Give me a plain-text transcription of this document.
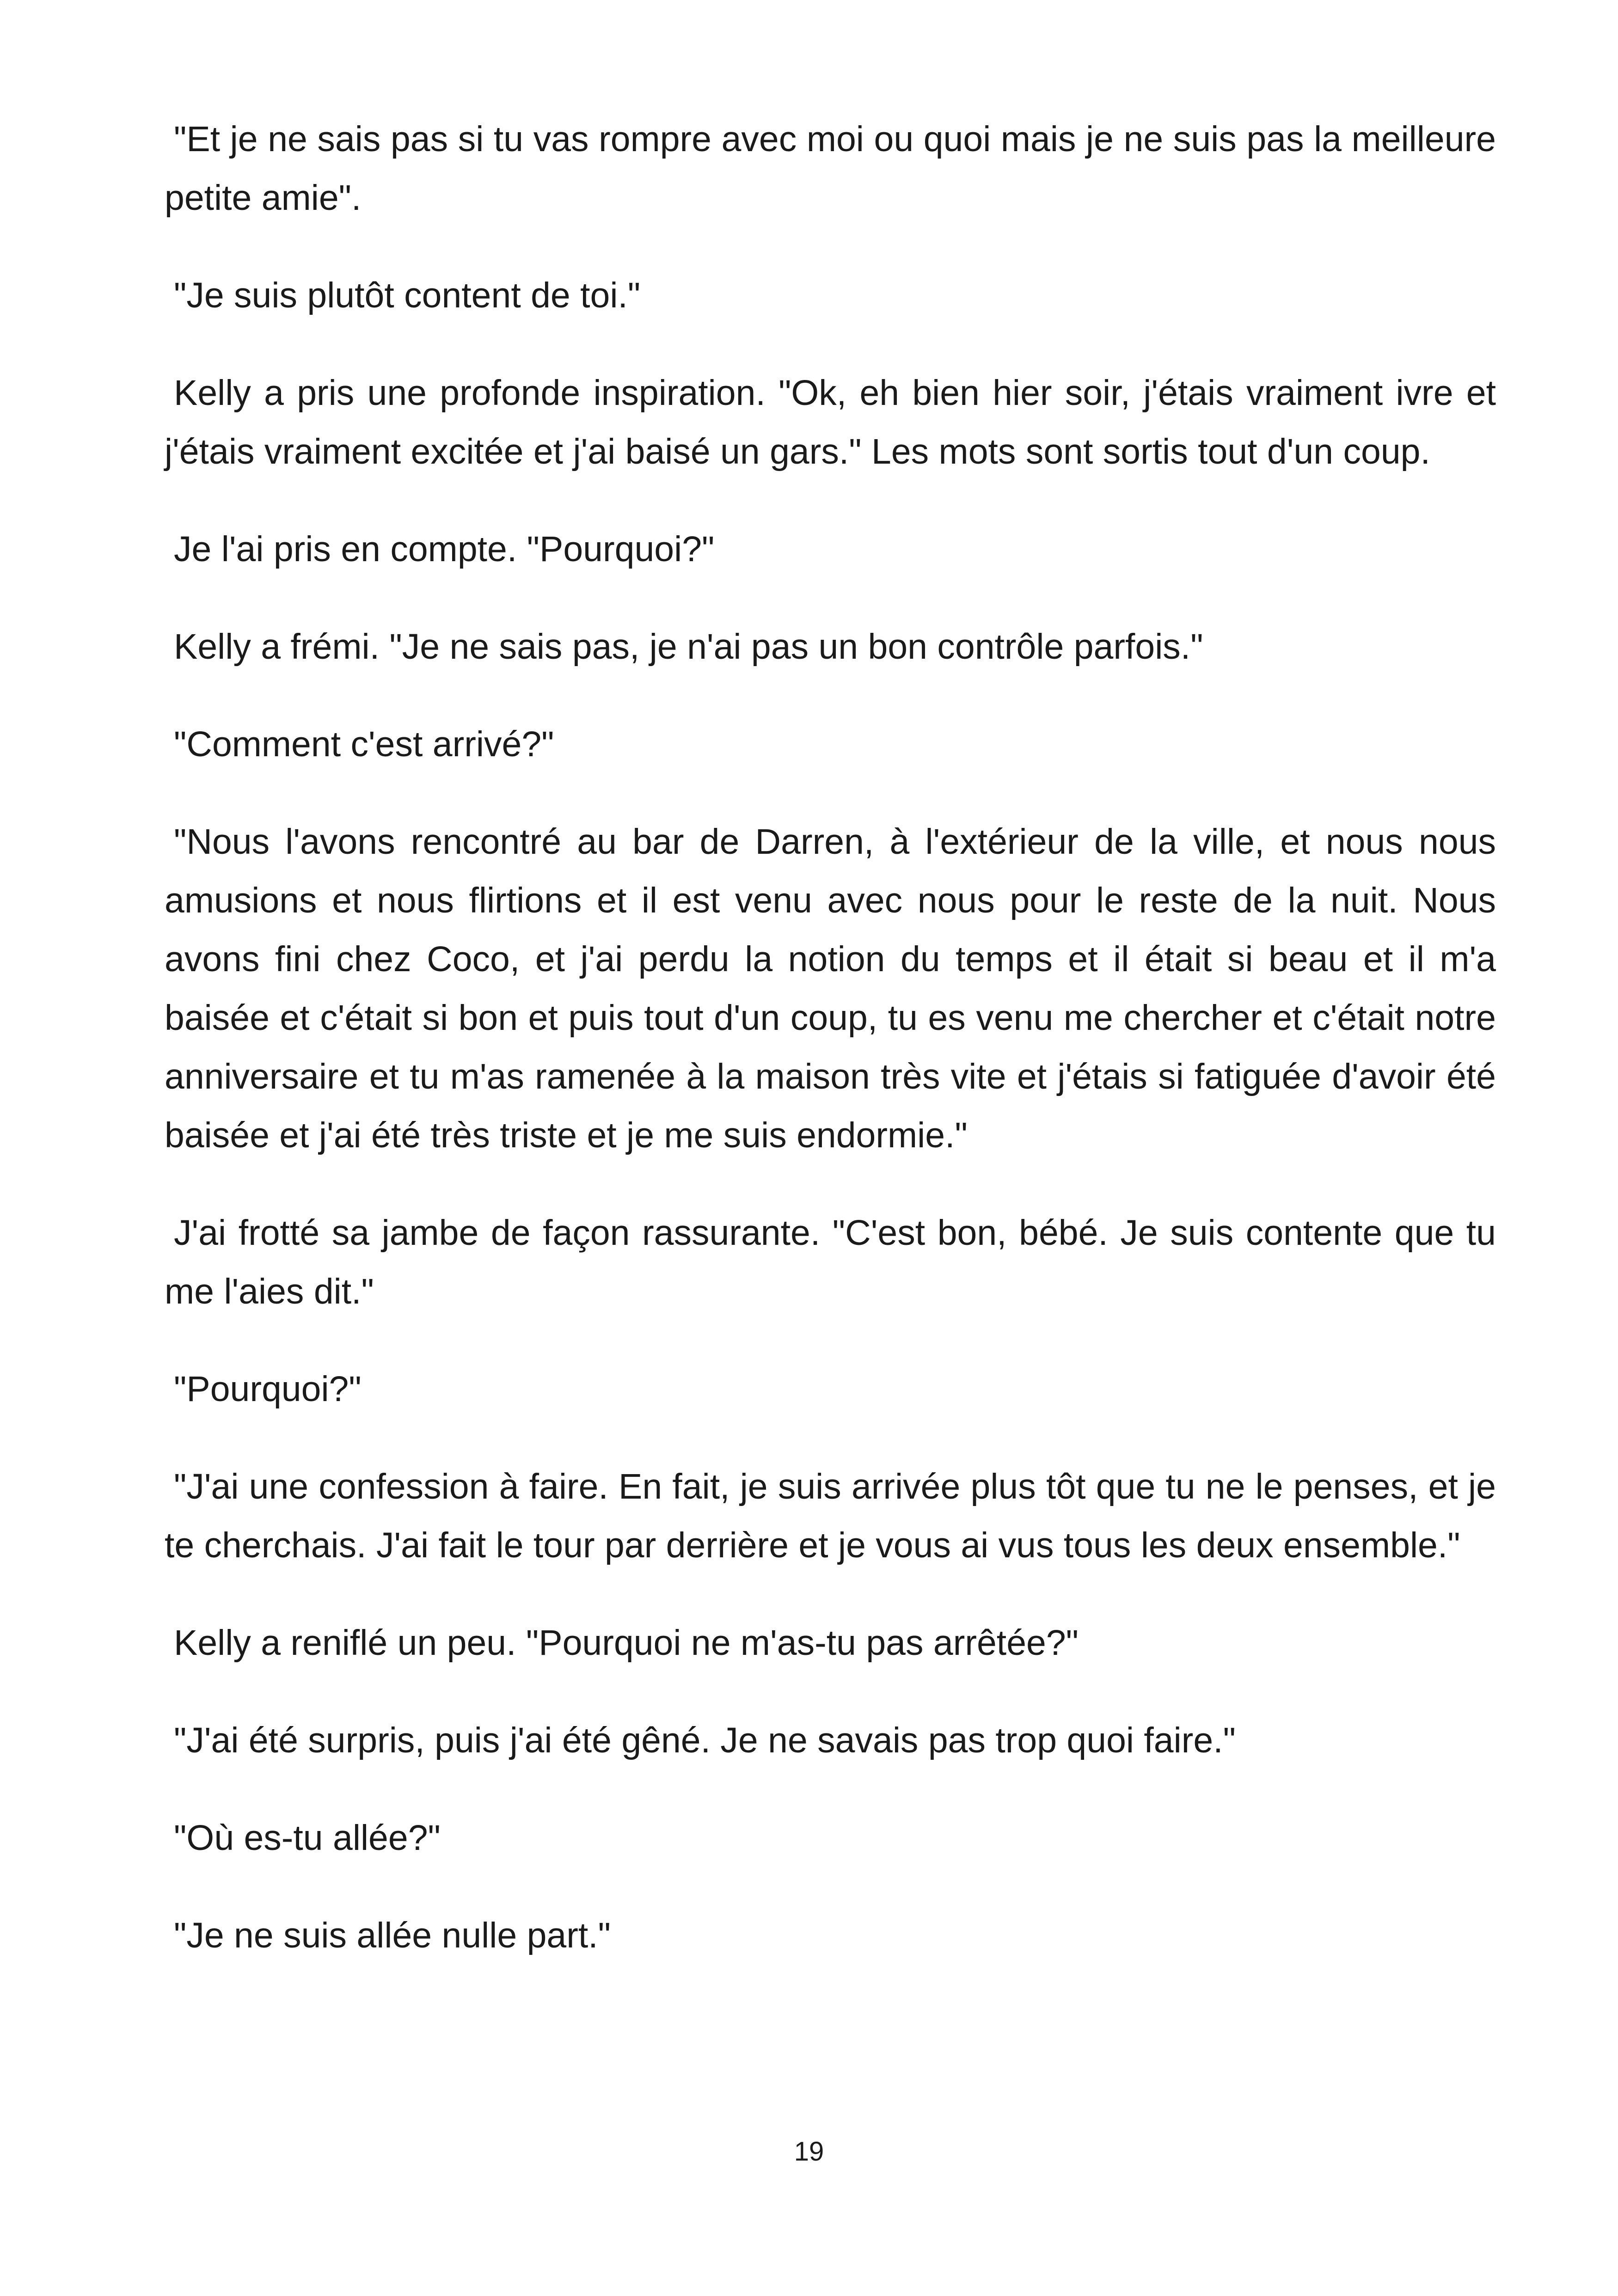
"Et je ne sais pas si tu vas rompre avec moi ou quoi mais je ne suis pas la meilleure petite amie".

"Je suis plutôt content de toi."

Kelly a pris une profonde inspiration. "Ok, eh bien hier soir, j'étais vraiment ivre et j'étais vraiment excitée et j'ai baisé un gars." Les mots sont sortis tout d'un coup.

Je l'ai pris en compte. "Pourquoi?"

Kelly a frémi. "Je ne sais pas, je n'ai pas un bon contrôle parfois."

"Comment c'est arrivé?"

"Nous l'avons rencontré au bar de Darren, à l'extérieur de la ville, et nous nous amusions et nous flirtions et il est venu avec nous pour le reste de la nuit. Nous avons fini chez Coco, et j'ai perdu la notion du temps et il était si beau et il m'a baisée et c'était si bon et puis tout d'un coup, tu es venu me chercher et c'était notre anniversaire et tu m'as ramenée à la maison très vite et j'étais si fatiguée d'avoir été baisée et j'ai été très triste et je me suis endormie."

J'ai frotté sa jambe de façon rassurante. "C'est bon, bébé. Je suis contente que tu me l'aies dit."

"Pourquoi?"

"J'ai une confession à faire. En fait, je suis arrivée plus tôt que tu ne le penses, et je te cherchais. J'ai fait le tour par derrière et je vous ai vus tous les deux ensemble."

Kelly a reniflé un peu. "Pourquoi ne m'as-tu pas arrêtée?"

"J'ai été surpris, puis j'ai été gêné. Je ne savais pas trop quoi faire."

"Où es-tu allée?"

"Je ne suis allée nulle part."

19
